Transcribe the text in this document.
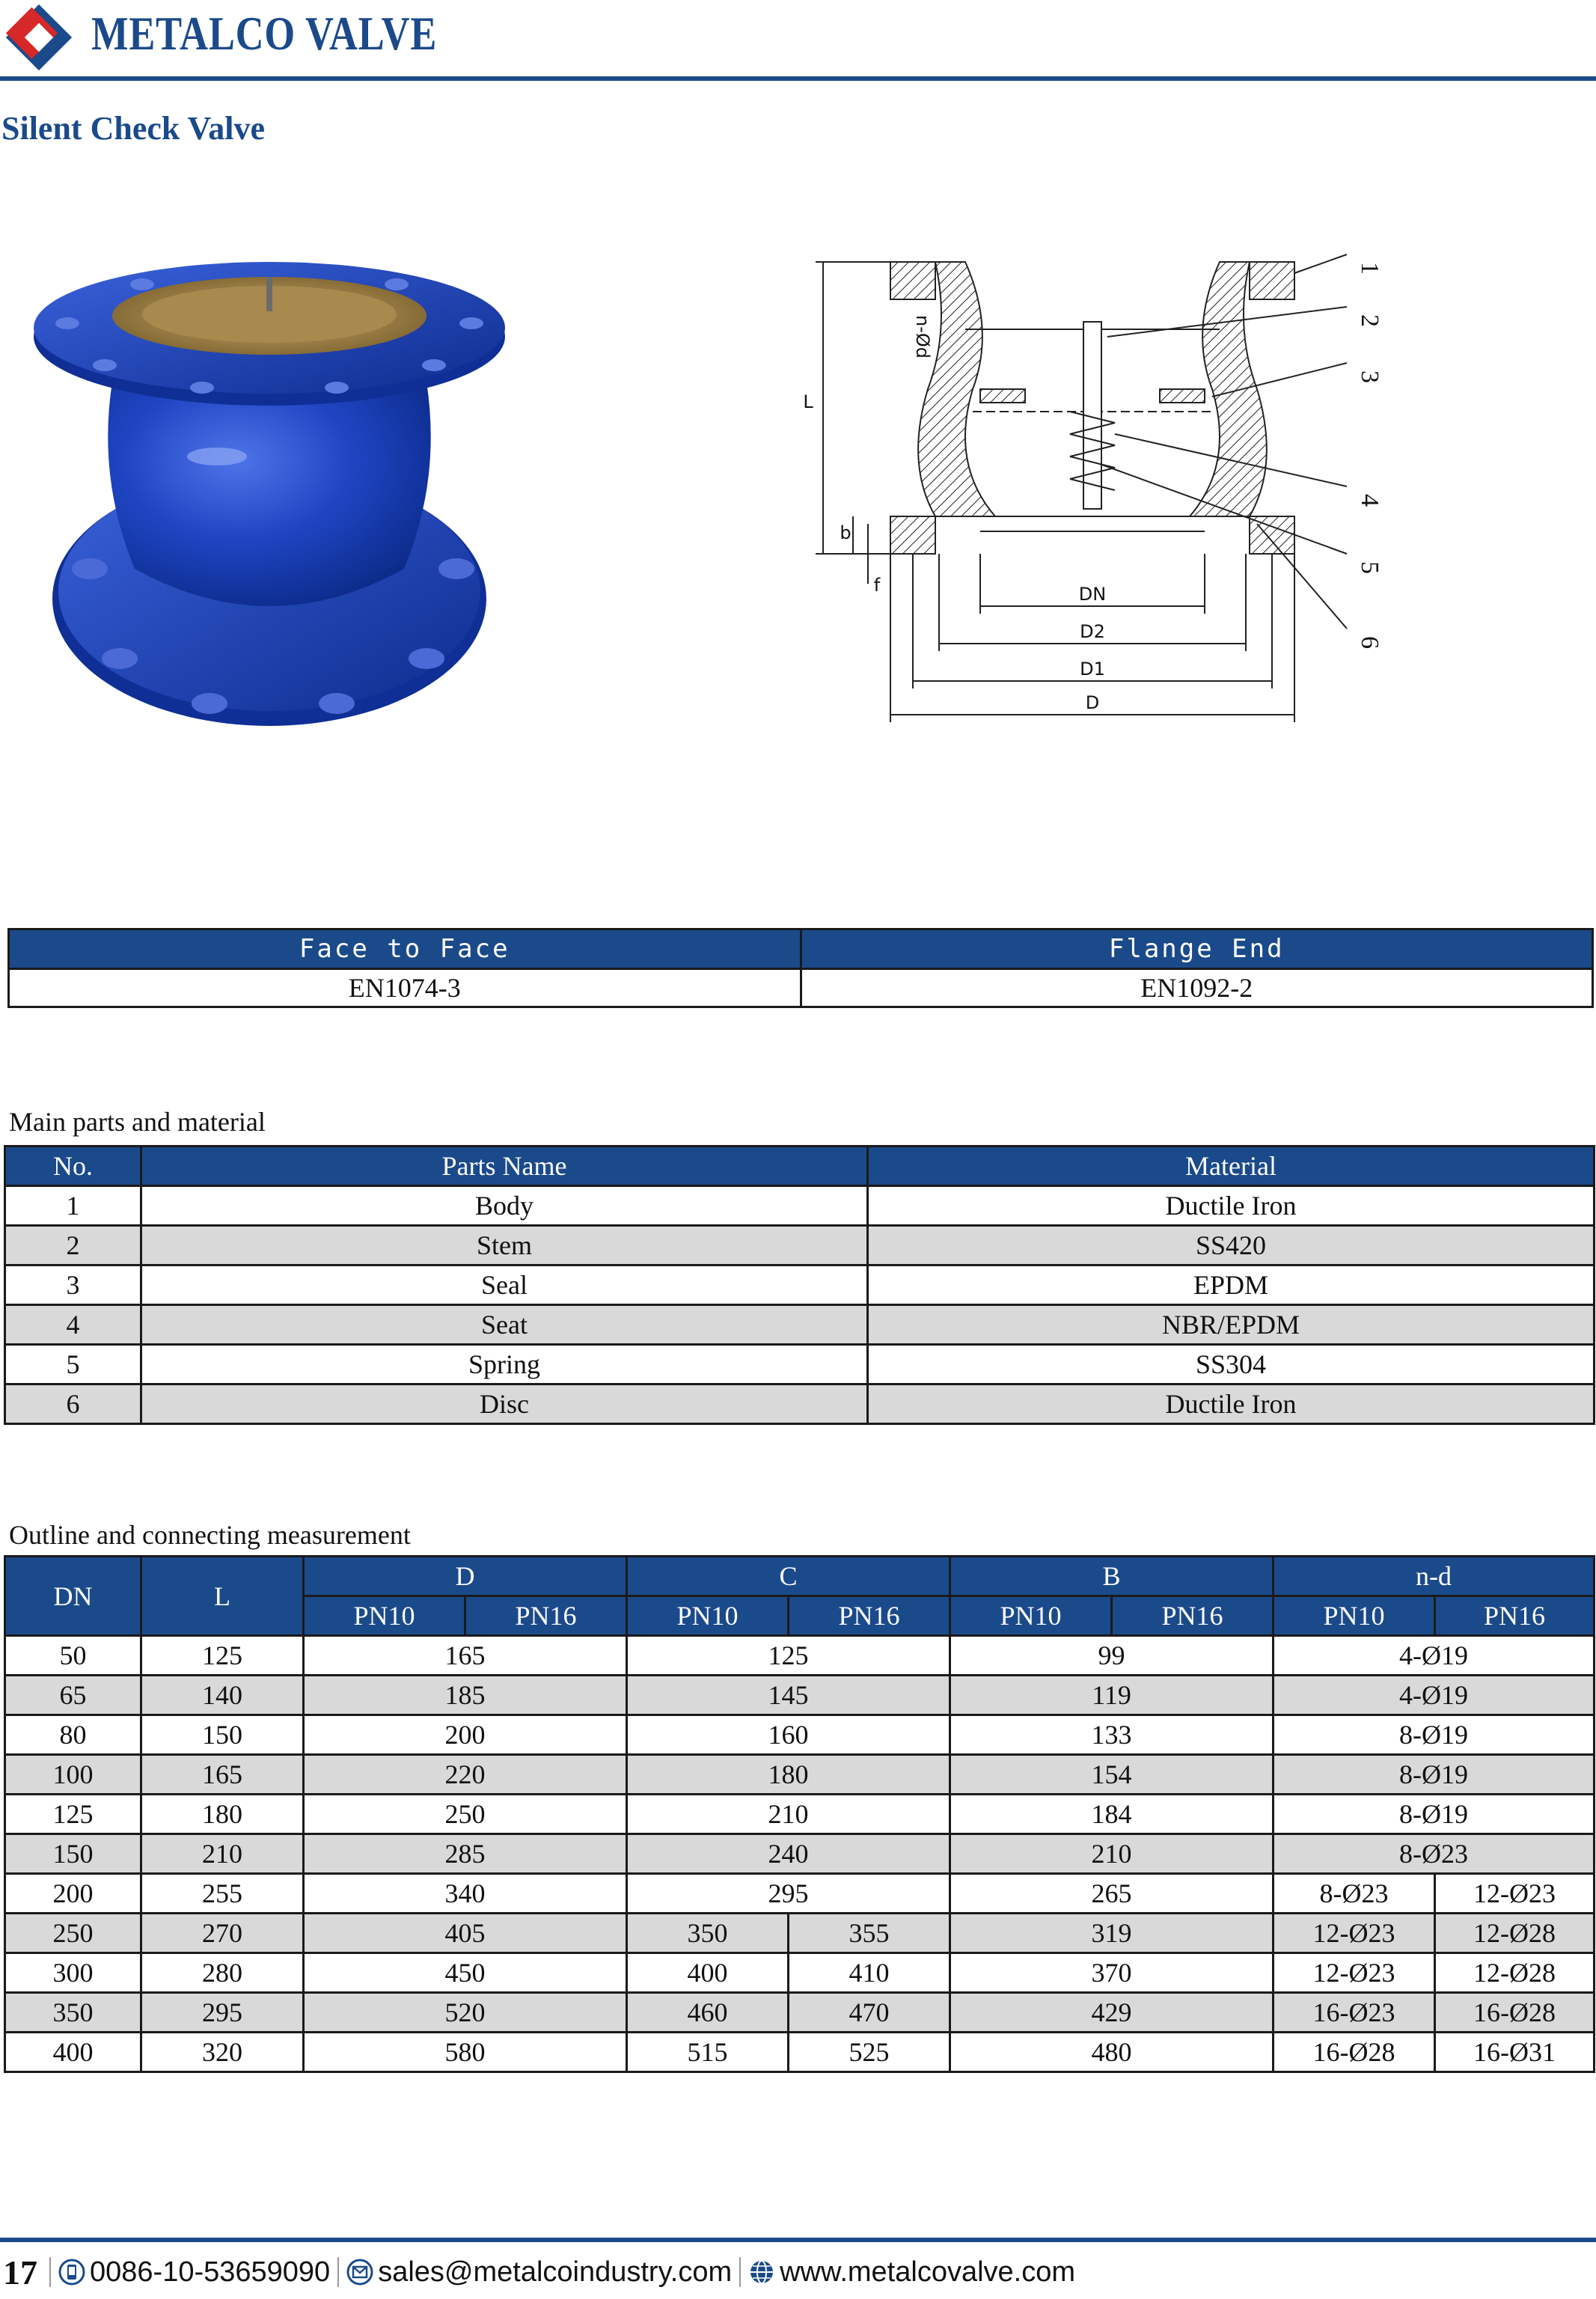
METALCO VALVE
Silent Check Valve
DN
D2
D1
D
L
b
f
n-Ød
1
2
3
4
5
6
Face to Face	Flange End
EN1074-3	EN1092-2
Main parts and material
No.	Parts Name	Material
1	Body	Ductile Iron
2	Stem	SS420
3	Seal	EPDM
4	Seat	NBR/EPDM
5	Spring	SS304
6	Disc	Ductile Iron
Outline and connecting measurement
DN	L	D		C		B		n-d	
		PN10	PN16	PN10	PN16	PN10	PN16	PN10	PN16
50	125	165		125		99		4-Ø19	
65	140	185		145		119		4-Ø19	
80	150	200		160		133		8-Ø19	
100	165	220		180		154		8-Ø19	
125	180	250		210		184		8-Ø19	
150	210	285		240		210		8-Ø23	
200	255	340		295		265		8-Ø23	12-Ø23
250	270	405		350	355	319		12-Ø23	12-Ø28
300	280	450		400	410	370		12-Ø23	12-Ø28
350	295	520		460	470	429		16-Ø23	16-Ø28
400	320	580		515	525	480		16-Ø28	16-Ø31
17 0086-10-53659090 sales@metalcoindustry.com www.metalcovalve.com
